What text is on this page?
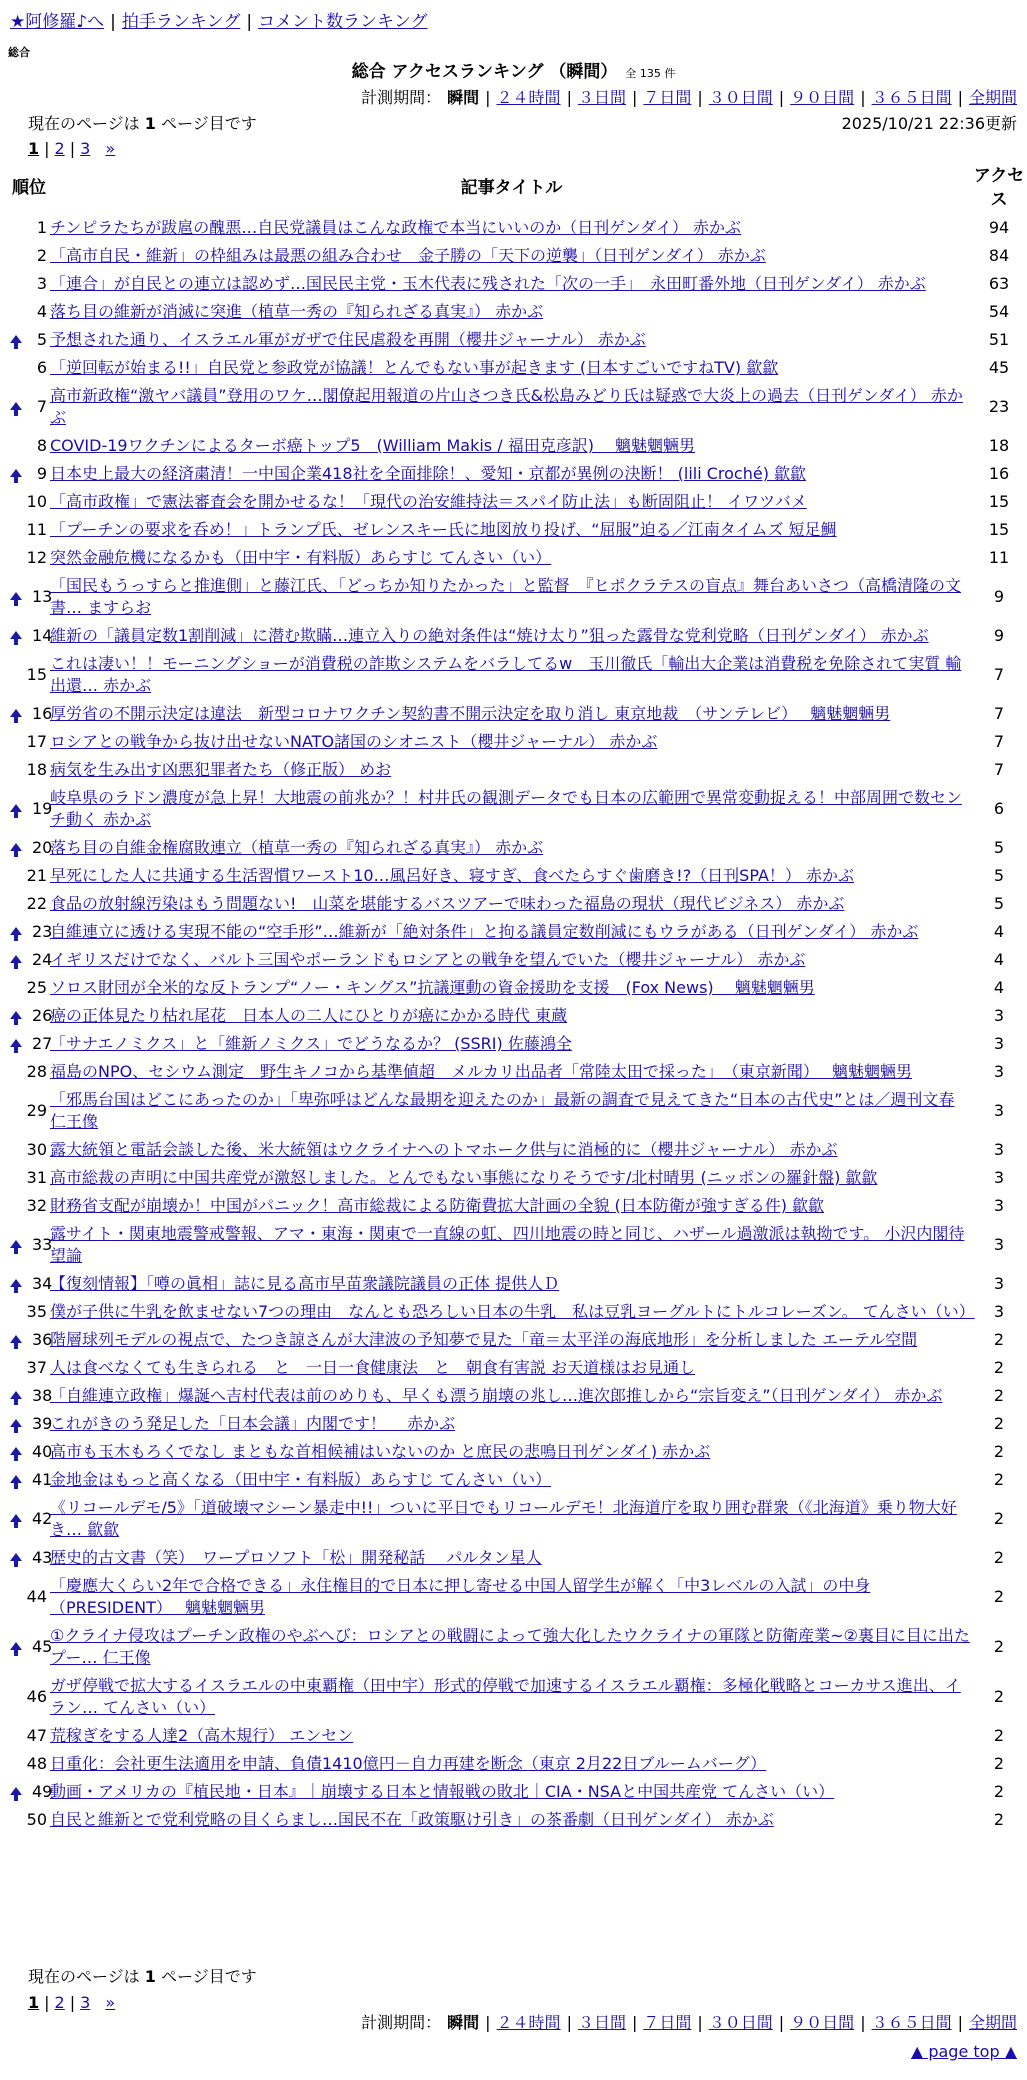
★阿修羅♪へ | 拍手ランキング | コメント数ランキング
総合
総合 アクセスランキング （瞬間） 全 135 件
計測期間： 瞬間 | ２４時間 | ３日間 | ７日間 | ３０日間 | ９０日間 | ３６５日間 | 全期間
現在のページは 1 ページ目です	2025/10/21 22:36更新
1 | 2 | 3 »
順位	記事タイトル	アクセス
1	チンピラたちが跋扈の醜悪…自民党議員はこんな政権で本当にいいのか（日刊ゲンダイ） 赤かぶ	94
2	「高市自民・維新」の枠組みは最悪の組み合わせ　金子勝の「天下の逆襲」（日刊ゲンダイ） 赤かぶ	84
3	「連合」が自民との連立は認めず…国民民主党・玉木代表に残された「次の一手」　永田町番外地（日刊ゲンダイ） 赤かぶ	63
4	落ち目の維新が消滅に突進（植草一秀の『知られざる真実』） 赤かぶ	54

5	予想された通り、イスラエル軍がガザで住民虐殺を再開（櫻井ジャーナル） 赤かぶ	51
6	「逆回転が始まる!!」自民党と参政党が協議！とんでもない事が起きます (日本すごいですねTV) 歙歙	45

7	高市新政権“激ヤバ議員”登用のワケ…閣僚起用報道の片山さつき氏&松島みどり氏は疑惑で大炎上の過去（日刊ゲンダイ） 赤かぶ	23
8	COVID-19ワクチンによるターボ癌トップ5　(William Makis / 福田克彦訳)　 魑魅魍魎男	18

9	日本史上最大の経済粛清！一中国企業418社を全面排除！、愛知・京都が異例の決断！ (lili Croché) 歙歙	16
10	「高市政権」で憲法審査会を開かせるな！「現代の治安維持法＝スパイ防止法」も断固阻止！ イワツバメ	15
11	「プーチンの要求を呑め！」トランプ氏、ゼレンスキー氏に地図放り投げ、“屈服”迫る／江南タイムズ 短足鯛	15
12	突然金融危機になるかも（田中宇・有料版）あらすじ てんさい（い）	11

13	「国民もうっすらと推進側」と藤江氏、「どっちか知りたかった」と監督　『ヒポクラテスの盲点』舞台あいさつ（高橋清隆の文書… ますらお	9

14	維新の「議員定数1割削減」に潜む欺瞞…連立入りの絶対条件は“焼け太り”狙った露骨な党利党略（日刊ゲンダイ） 赤かぶ	9
15	これは凄い！！モーニングショーが消費税の詐欺システムをバラしてるw　玉川徹氏「輸出大企業は消費税を免除されて実質 輸出還… 赤かぶ	7

16	厚労省の不開示決定は違法　新型コロナワクチン契約書不開示決定を取り消し 東京地裁　（サンテレビ）　 魑魅魍魎男	7
17	ロシアとの戦争から抜け出せないNATO諸国のシオニスト（櫻井ジャーナル） 赤かぶ	7
18	病気を生み出す凶悪犯罪者たち（修正版） めお	7

19	岐阜県のラドン濃度が急上昇！大地震の前兆か？！村井氏の観測データでも日本の広範囲で異常変動捉える！中部周囲で数センチ動く 赤かぶ	6

20	落ち目の自維金権腐敗連立（植草一秀の『知られざる真実』） 赤かぶ	5
21	早死にした人に共通する生活習慣ワースト10…風呂好き、寝すぎ、食べたらすぐ歯磨き!?（日刊SPA！） 赤かぶ	5
22	食品の放射線汚染はもう問題ない!　山菜を堪能するバスツアーで味わった福島の現状（現代ビジネス） 赤かぶ	5

23	自維連立に透ける実現不能の“空手形”…維新が「絶対条件」と拘る議員定数削減にもウラがある（日刊ゲンダイ） 赤かぶ	4

24	イギリスだけでなく、バルト三国やポーランドもロシアとの戦争を望んでいた（櫻井ジャーナル） 赤かぶ	4
25	ソロス財団が全米的な反トランプ“ノー・キングス”抗議運動の資金援助を支援　(Fox News)　 魑魅魍魎男	4

26	癌の正体見たり枯れ尾花　日本人の二人にひとりが癌にかかる時代 東蔵	3

27	「サナエノミクス」と「維新ノミクス」でどうなるか？ (SSRI) 佐藤鴻全	3
28	福島のNPO、セシウム測定　野生キノコから基準値超　メルカリ出品者「常陸太田で採った」　（東京新聞）　 魑魅魍魎男	3
29	「邪馬台国はどこにあったのか」「卑弥呼はどんな最期を迎えたのか」最新の調査で見えてきた“日本の古代史”とは／週刊文春 仁王像	3
30	露大統領と電話会談した後、米大統領はウクライナへのトマホーク供与に消極的に（櫻井ジャーナル） 赤かぶ	3
31	高市総裁の声明に中国共産党が激怒しました。とんでもない事態になりそうです/北村晴男 (ニッポンの羅針盤) 歙歙	3
32	財務省支配が崩壊か！中国がパニック！高市総裁による防衛費拡大計画の全貌 (日本防衛が強すぎる件) 歙歙	3

33	露サイト・関東地震警戒警報、アマ・東海・関東で一直線の虹、四川地震の時と同じ、ハザール過激派は執拗です。 小沢内閣待望論	3

34	【復刻情報】「噂の眞相」誌に見る高市早苗衆議院議員の正体 提供人Ｄ	3
35	僕が子供に牛乳を飲ませない7つの理由　なんとも恐ろしい日本の牛乳　私は豆乳ヨーグルトにトルコレーズン。 てんさい（い）	3

36	階層球列モデルの視点で、たつき諒さんが大津波の予知夢で見た「竜＝太平洋の海底地形」を分析しました エーテル空間	2
37	人は食べなくても生きられる　と　一日一食健康法　と　朝食有害説 お天道様はお見通し	2

38	「自維連立政権」爆誕へ吉村代表は前のめりも、早くも漂う崩壊の兆し…進次郎推しから“宗旨変え”（日刊ゲンダイ） 赤かぶ	2

39	これがきのう発足した「日本会議」内閣です！　 赤かぶ	2

40	高市も玉木もろくでなし まともな首相候補はいないのか と庶民の悲鳴日刊ゲンダイ) 赤かぶ	2

41	金地金はもっと高くなる（田中宇・有料版）あらすじ てんさい（い）	2

42	《リコールデモ/5》「道破壊マシーン暴走中!!」ついに平日でもリコールデモ！北海道庁を取り囲む群衆（《北海道》乗り物大好き… 歙歙	2

43	歴史的古文書（笑）　ワープロソフト「松」開発秘話　 パルタン星人	2
44	「慶應大くらい2年で合格できる」永住権目的で日本に押し寄せる中国人留学生が解く「中3レベルの入試」の中身（PRESIDENT）　 魑魅魍魎男	2

45	①クライナ侵攻はプーチン政権のやぶへび：ロシアとの戦闘によって強大化したウクライナの軍隊と防衛産業~②裏目に目に出たプー… 仁王像	2
46	ガザ停戦で拡大するイスラエルの中東覇権（田中宇）形式的停戦で加速するイスラエル覇権：多極化戦略とコーカサス進出、イラン… てんさい（い）	2
47	荒稼ぎをする人達2（高木規行） エンセン	2
48	日重化：会社更生法適用を申請、負債1410億円－自力再建を断念（東京 2月22日ブルームバーグ）	2

49	動画・アメリカの『植民地・日本』｜崩壊する日本と情報戦の敗北｜CIA・NSAと中国共産党 てんさい（い）	2
50	自民と維新とで党利党略の目くらまし…国民不在「政策駆け引き」の茶番劇（日刊ゲンダイ） 赤かぶ	2
現在のページは 1 ページ目です
1 | 2 | 3 »
計測期間： 瞬間 | ２４時間 | ３日間 | ７日間 | ３０日間 | ９０日間 | ３６５日間 | 全期間
▲ page top ▲
